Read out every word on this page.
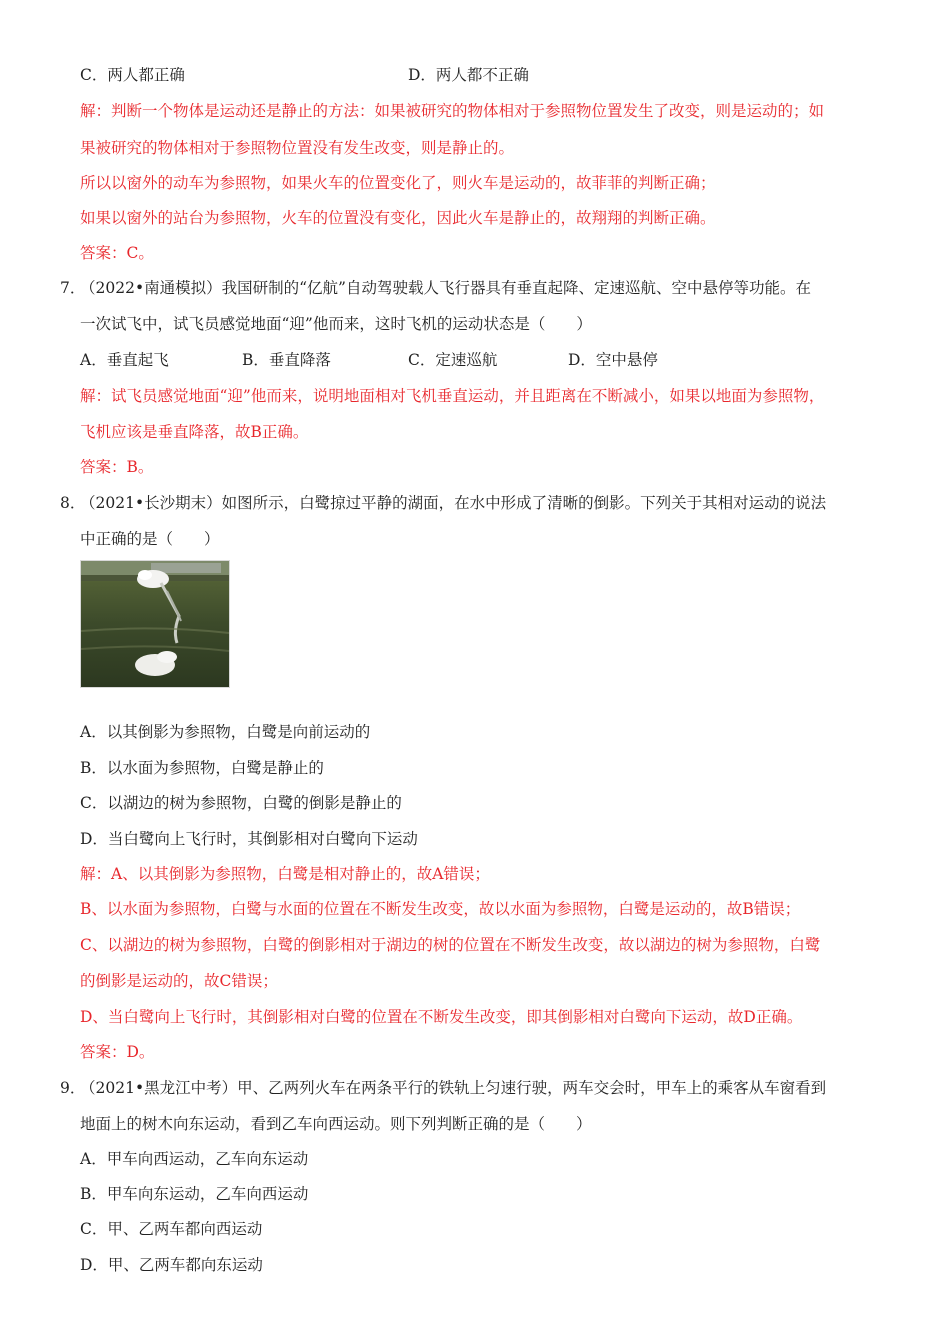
C．两人都正确	D．两人都不正确
解：判断一个物体是运动还是静止的方法：如果被研究的物体相对于参照物位置发生了改变，则是运动的；如
果被研究的物体相对于参照物位置没有发生改变，则是静止的。
所以以窗外的动车为参照物，如果火车的位置变化了，则火车是运动的，故菲菲的判断正确；
如果以窗外的站台为参照物，火车的位置没有变化，因此火车是静止的，故翔翔的判断正确。
答案：C。
7．
（2022•南通模拟）我国研制的“亿航”自动驾驶载人飞行器具有垂直起降、定速巡航、空中悬停等功能。在
一次试飞中，试飞员感觉地面“迎”他而来，这时飞机的运动状态是（　　）
A．垂直起飞	B．垂直降落	C．定速巡航	D．空中悬停
解：试飞员感觉地面“迎”他而来，说明地面相对飞机垂直运动，并且距离在不断减小，如果以地面为参照物，
飞机应该是垂直降落，故B正确。
答案：B。
8．
（2021•长沙期末）如图所示，白鹭掠过平静的湖面，在水中形成了清晰的倒影。下列关于其相对运动的说法
中正确的是（　　）
A．以其倒影为参照物，白鹭是向前运动的
B．以水面为参照物，白鹭是静止的
C．以湖边的树为参照物，白鹭的倒影是静止的
D．当白鹭向上飞行时，其倒影相对白鹭向下运动
解：A、以其倒影为参照物，白鹭是相对静止的，故A错误；
B、以水面为参照物，白鹭与水面的位置在不断发生改变，故以水面为参照物，白鹭是运动的，故B错误；
C、以湖边的树为参照物，白鹭的倒影相对于湖边的树的位置在不断发生改变，故以湖边的树为参照物，白鹭
的倒影是运动的，故C错误；
D、当白鹭向上飞行时，其倒影相对白鹭的位置在不断发生改变，即其倒影相对白鹭向下运动，故D正确。
答案：D。
9．
（2021•黑龙江中考）甲、乙两列火车在两条平行的铁轨上匀速行驶，两车交会时，甲车上的乘客从车窗看到
地面上的树木向东运动，看到乙车向西运动。则下列判断正确的是（　　）
A．甲车向西运动，乙车向东运动
B．甲车向东运动，乙车向西运动
C．甲、乙两车都向西运动
D．甲、乙两车都向东运动
